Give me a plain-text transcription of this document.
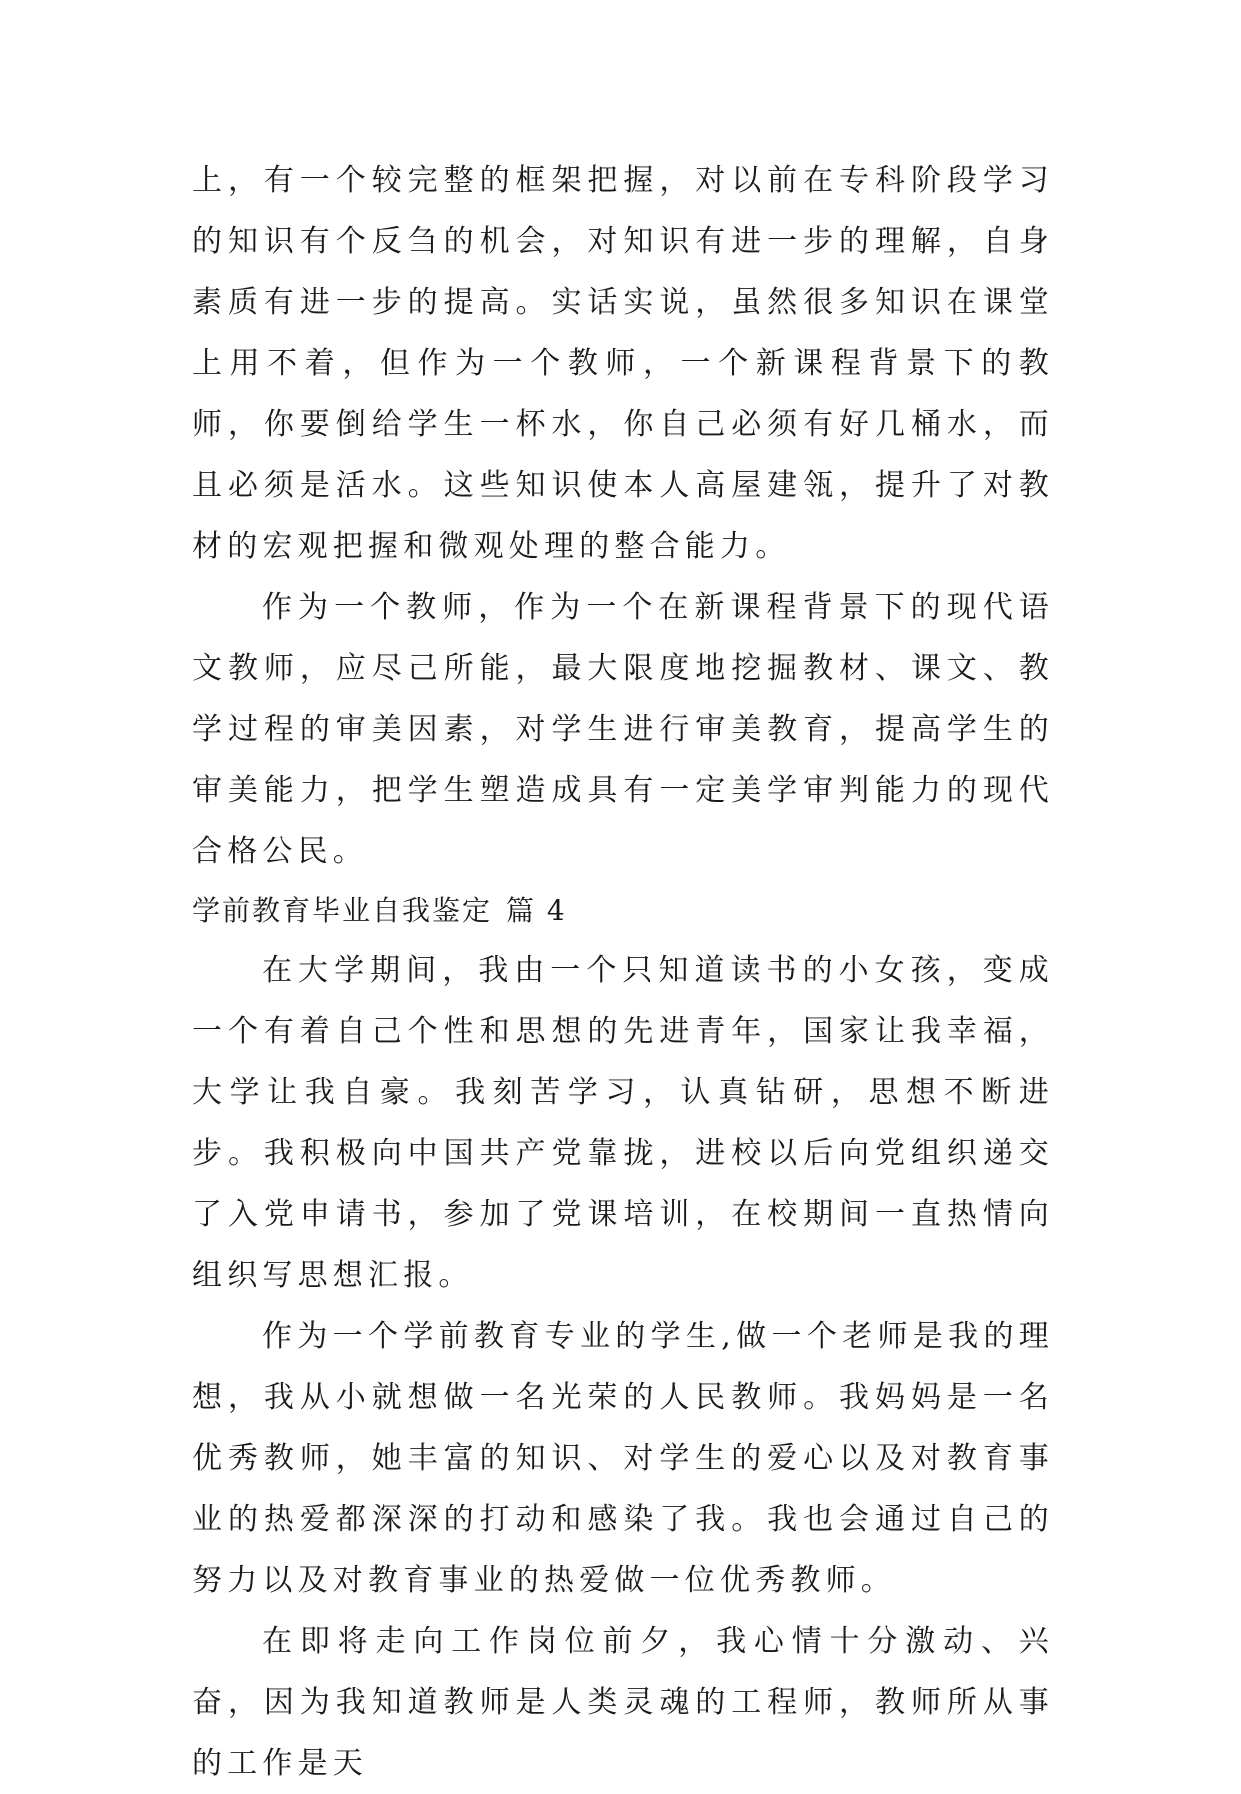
上，有一个较完整的框架把握，对以前在专科阶段学习的知识有个反刍的机会，对知识有进一步的理解，自身素质有进一步的提高。实话实说，虽然很多知识在课堂上用不着，但作为一个教师，一个新课程背景下的教师，你要倒给学生一杯水，你自己必须有好几桶水，而且必须是活水。这些知识使本人高屋建瓴，提升了对教材的宏观把握和微观处理的整合能力。

作为一个教师，作为一个在新课程背景下的现代语文教师，应尽己所能，最大限度地挖掘教材、课文、教学过程的审美因素，对学生进行审美教育，提高学生的审美能力，把学生塑造成具有一定美学审判能力的现代合格公民。

学前教育毕业自我鉴定 篇 4

在大学期间，我由一个只知道读书的小女孩，变成一个有着自己个性和思想的先进青年，国家让我幸福，大学让我自豪。我刻苦学习，认真钻研，思想不断进步。我积极向中国共产党靠拢，进校以后向党组织递交了入党申请书，参加了党课培训，在校期间一直热情向组织写思想汇报。

作为一个学前教育专业的学生,做一个老师是我的理想，我从小就想做一名光荣的人民教师。我妈妈是一名优秀教师，她丰富的知识、对学生的爱心以及对教育事业的热爱都深深的打动和感染了我。我也会通过自己的努力以及对教育事业的热爱做一位优秀教师。

在即将走向工作岗位前夕，我心情十分激动、兴奋，因为我知道教师是人类灵魂的工程师，教师所从事的工作是天
